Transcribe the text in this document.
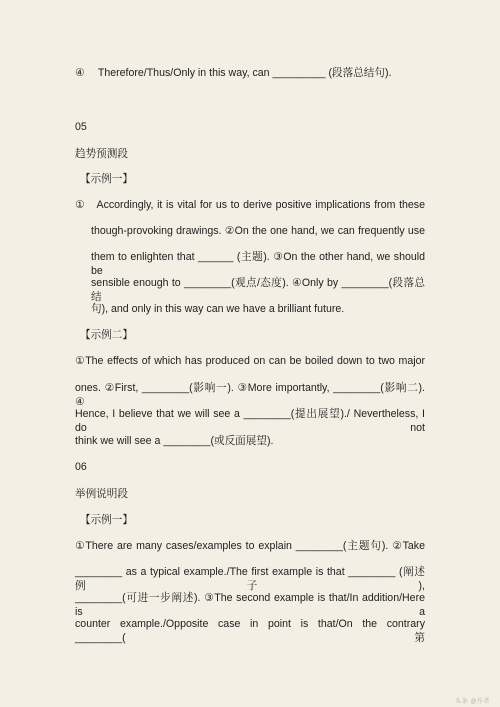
④　 Therefore/Thus/Only in this way, can _________ (段落总结句).
05
趋势预测段
【示例一】
①　Accordingly, it is vital for us to derive positive implications from these
though-provoking drawings. ②On the one hand, we can frequently use
them to enlighten that ______ (主题). ③On the other hand, we should be
sensible enough to ________(观点/态度). ④Only by ________(段落总结
句), and only in this way can we have a brilliant future.
【示例二】
①The effects of which has produced on can be boiled down to two major
ones. ②First, ________(影响一). ③More importantly, ________(影响二). ④
Hence, I believe that we will see a ________(提出展望)./ Nevertheless, I do not
think we will see a ________(或反面展望).
06
举例说明段
【示例一】
①There are many cases/examples to explain ________(主题句). ②Take
________ as a typical example./The first example is that ________ (阐述例子),
________(可进一步阐述). ③The second example is that/In addition/Here is a
counter example./Opposite case in point is that/On the contrary ________(第
头条 @作者
